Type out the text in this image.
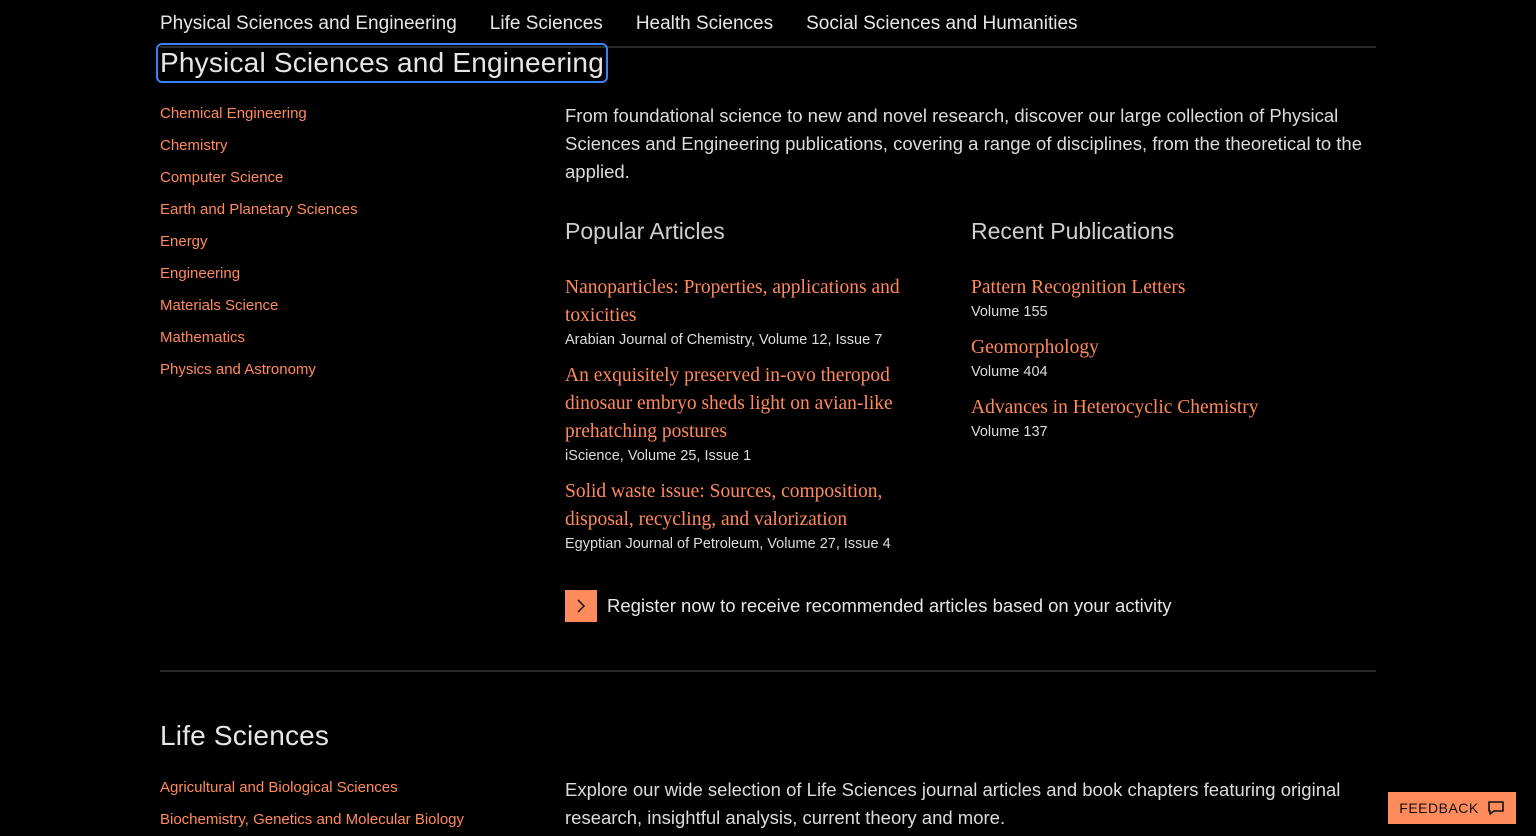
Physical Sciences and Engineering Life Sciences Health Sciences Social Sciences and Humanities
Physical Sciences and Engineering
Chemical Engineering
Chemistry
Computer Science
Earth and Planetary Sciences
Energy
Engineering
Materials Science
Mathematics
Physics and Astronomy

From foundational science to new and novel research, discover our large collection of Physical Sciences and Engineering publications, covering a range of disciplines, from the theoretical to the applied.

Popular Articles
Nanoparticles: Properties, applications and toxicities
Arabian Journal of Chemistry, Volume 12, Issue 7
An exquisitely preserved in-ovo theropod dinosaur embryo sheds light on avian-like prehatching postures
iScience, Volume 25, Issue 1
Solid waste issue: Sources, composition, disposal, recycling, and valorization
Egyptian Journal of Petroleum, Volume 27, Issue 4
Recent Publications
Pattern Recognition Letters
Volume 155
Geomorphology
Volume 404
Advances in Heterocyclic Chemistry
Volume 137
Register now to receive recommended articles based on your activity
Life Sciences
Agricultural and Biological Sciences
Biochemistry, Genetics and Molecular Biology

Explore our wide selection of Life Sciences journal articles and book chapters featuring original research, insightful analysis, current theory and more.	FEEDBACK
